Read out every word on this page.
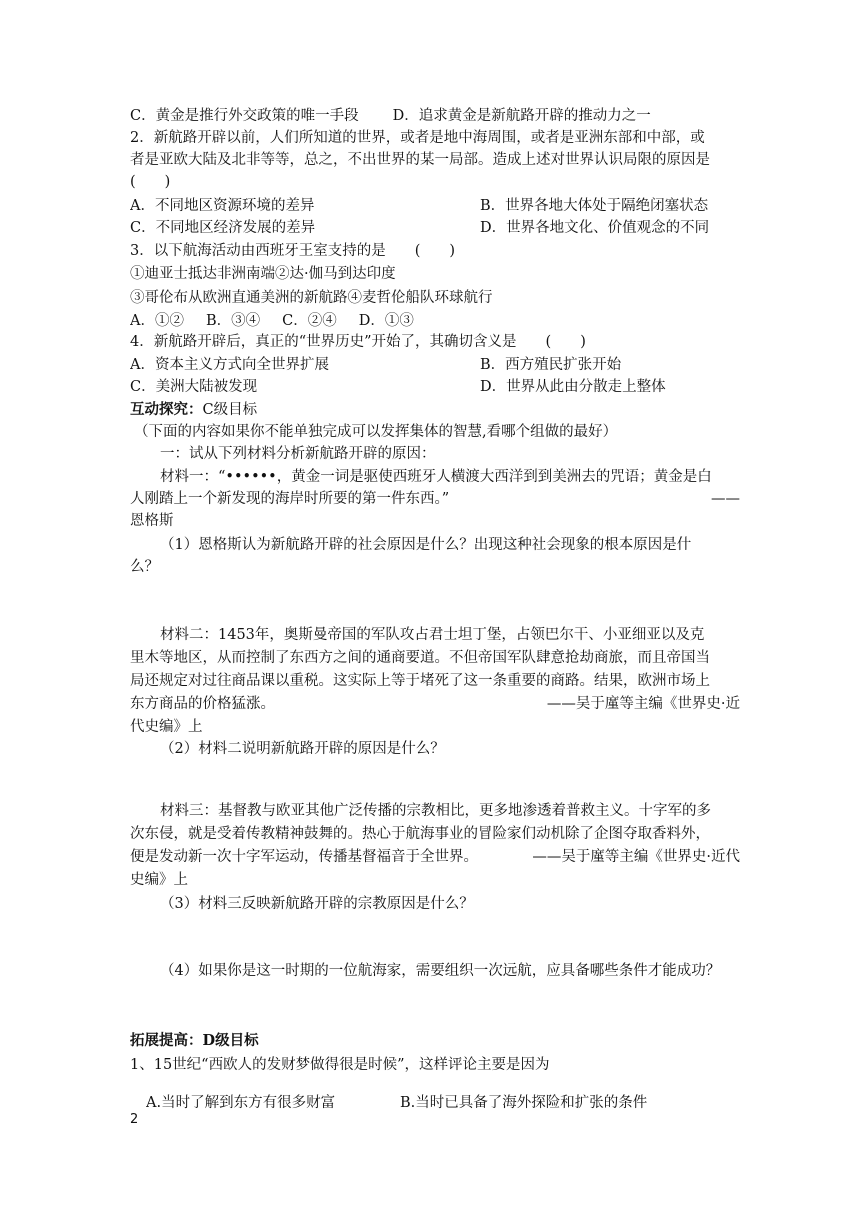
C．黄金是推行外交政策的唯一手段 D．追求黄金是新航路开辟的推动力之一
2．新航路开辟以前，人们所知道的世界，或者是地中海周围，或者是亚洲东部和中部，或
者是亚欧大陆及北非等等，总之，不出世界的某一局部。造成上述对世界认识局限的原因是
(　　)
A．不同地区资源环境的差异	B．世界各地大体处于隔绝闭塞状态
C．不同地区经济发展的差异	D．世界各地文化、价值观念的不同
3．以下航海活动由西班牙王室支持的是　　(　　)
①迪亚士抵达非洲南端②达·伽马到达印度
③哥伦布从欧洲直通美洲的新航路④麦哲伦船队环球航行
A．①② B．③④ C．②④ D．①③
4．新航路开辟后，真正的“世界历史”开始了，其确切含义是　　(　　)
A．资本主义方式向全世界扩展	B．西方殖民扩张开始
C．美洲大陆被发现	D．世界从此由分散走上整体
互动探究：C级目标
（下面的内容如果你不能单独完成可以发挥集体的智慧,看哪个组做的最好）
一：试从下列材料分析新航路开辟的原因：
材料一：“••••••，黄金一词是驱使西班牙人横渡大西洋到到美洲去的咒语；黄金是白
人刚踏上一个新发现的海岸时所要的第一件东西。”	——
恩格斯
（1）恩格斯认为新航路开辟的社会原因是什么？出现这种社会现象的根本原因是什
么？
材料二：1453年，奥斯曼帝国的军队攻占君士坦丁堡，占领巴尔干、小亚细亚以及克
里木等地区，从而控制了东西方之间的通商要道。不但帝国军队肆意抢劫商旅，而且帝国当
局还规定对过往商品课以重税。这实际上等于堵死了这一条重要的商路。结果，欧洲市场上
东方商品的价格猛涨。	——吴于廑等主编《世界史·近
代史编》上
（2）材料二说明新航路开辟的原因是什么？
材料三：基督教与欧亚其他广泛传播的宗教相比，更多地渗透着普救主义。十字军的多
次东侵，就是受着传教精神鼓舞的。热心于航海事业的冒险家们动机除了企图夺取香料外，
便是发动新一次十字军运动，传播基督福音于全世界。	——吴于廑等主编《世界史·近代
史编》上
（3）材料三反映新航路开辟的宗教原因是什么？
（4）如果你是这一时期的一位航海家，需要组织一次远航，应具备哪些条件才能成功？
拓展提高：D级目标
1、15世纪“西欧人的发财梦做得很是时候”，这样评论主要是因为
A.当时了解到东方有很多财富	B.当时已具备了海外探险和扩张的条件
2
